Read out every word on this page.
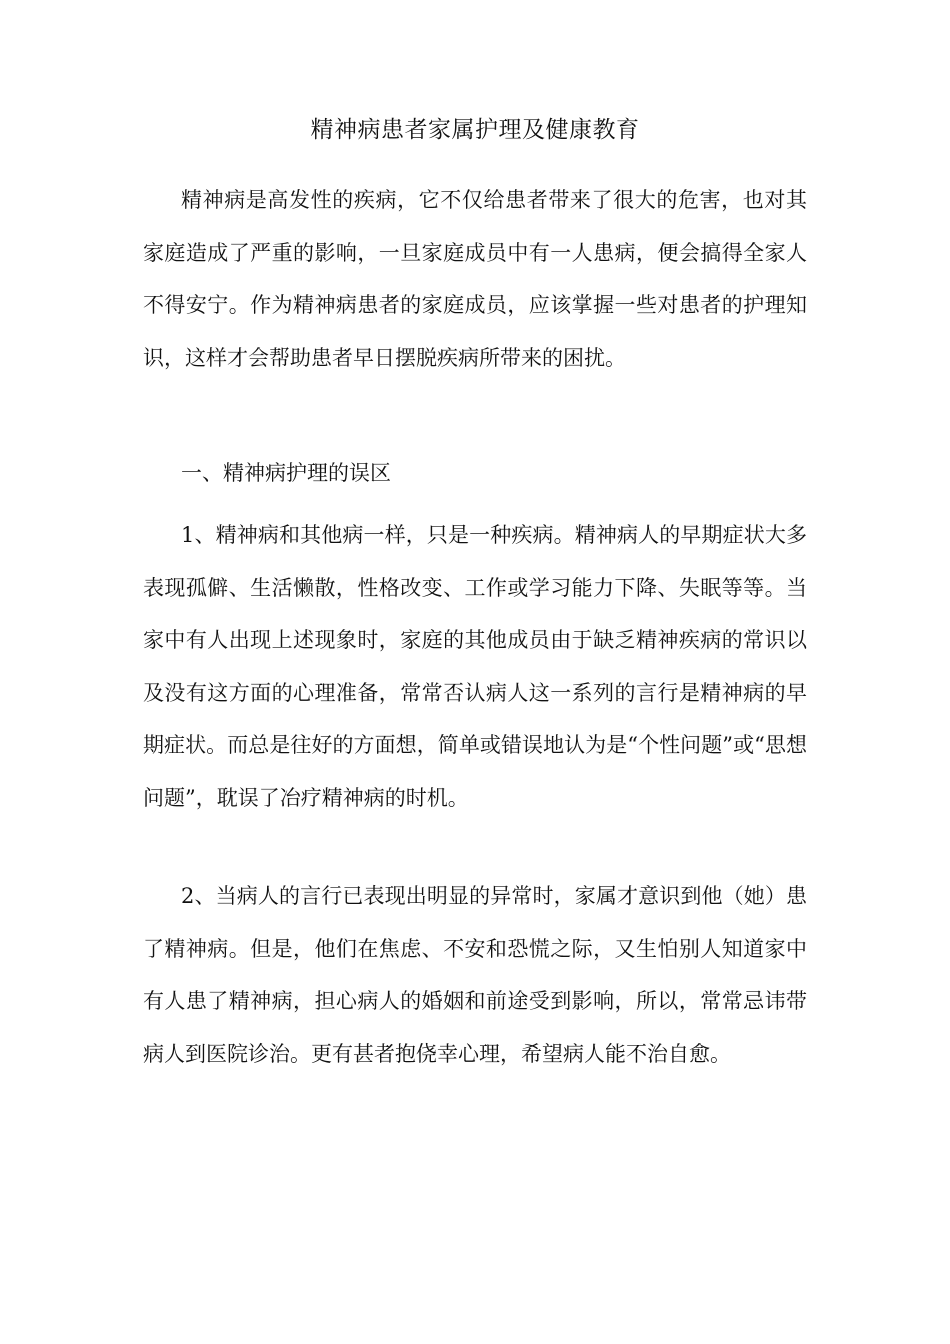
精神病患者家属护理及健康教育

精神病是高发性的疾病，它不仅给患者带来了很大的危害，也对其家庭造成了严重的影响，一旦家庭成员中有一人患病，便会搞得全家人不得安宁。作为精神病患者的家庭成员，应该掌握一些对患者的护理知识，这样才会帮助患者早日摆脱疾病所带来的困扰。

一、精神病护理的误区

1、精神病和其他病一样，只是一种疾病。精神病人的早期症状大多表现孤僻、生活懒散，性格改变、工作或学习能力下降、失眠等等。当家中有人出现上述现象时，家庭的其他成员由于缺乏精神疾病的常识以及没有这方面的心理准备，常常否认病人这一系列的言行是精神病的早期症状。而总是往好的方面想，简单或错误地认为是“个性问题”或“思想问题”，耽误了冶疗精神病的时机。

2、当病人的言行已表现出明显的异常时，家属才意识到他（她）患了精神病。但是，他们在焦虑、不安和恐慌之际，又生怕别人知道家中有人患了精神病，担心病人的婚姻和前途受到影响，所以，常常忌讳带病人到医院诊治。更有甚者抱侥幸心理，希望病人能不治自愈。
